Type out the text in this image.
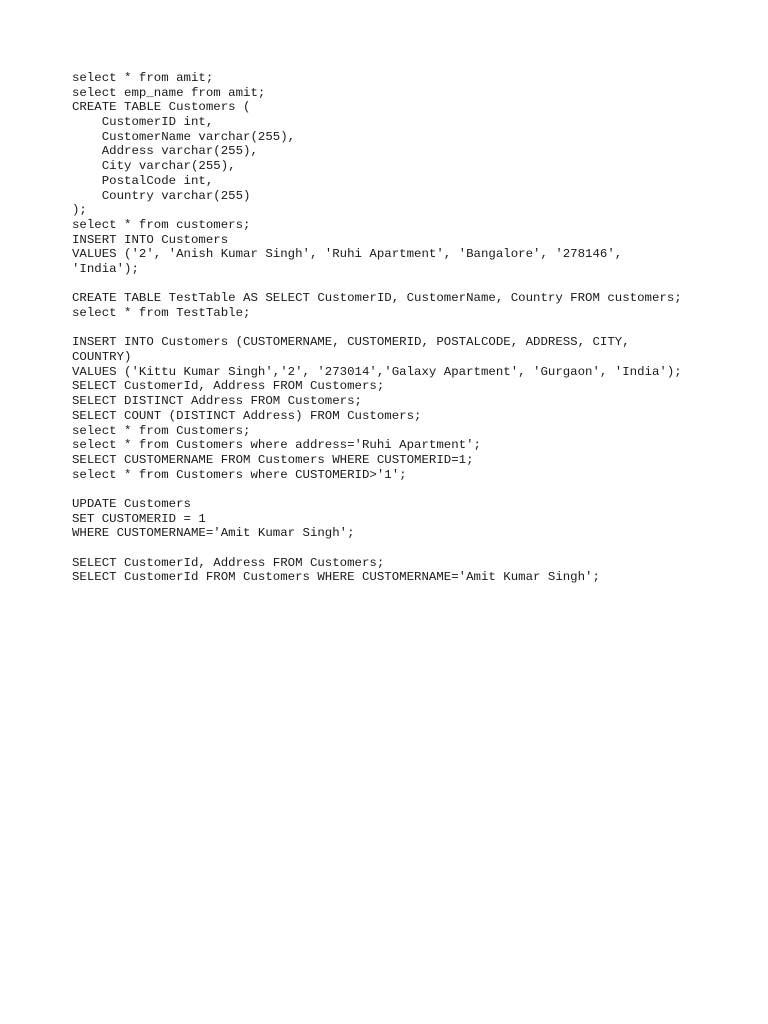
select * from amit;
select emp_name from amit;
CREATE TABLE Customers (
CustomerID int,
CustomerName varchar(255),
Address varchar(255),
City varchar(255),
PostalCode int,
Country varchar(255)
);
select * from customers;
INSERT INTO Customers
VALUES ('2', 'Anish Kumar Singh', 'Ruhi Apartment', 'Bangalore', '278146',
'India');
CREATE TABLE TestTable AS SELECT CustomerID, CustomerName, Country FROM customers;
select * from TestTable;
INSERT INTO Customers (CUSTOMERNAME, CUSTOMERID, POSTALCODE, ADDRESS, CITY,
COUNTRY)
VALUES ('Kittu Kumar Singh','2', '273014','Galaxy Apartment', 'Gurgaon', 'India');
SELECT CustomerId, Address FROM Customers;
SELECT DISTINCT Address FROM Customers;
SELECT COUNT (DISTINCT Address) FROM Customers;
select * from Customers;
select * from Customers where address='Ruhi Apartment';
SELECT CUSTOMERNAME FROM Customers WHERE CUSTOMERID=1;
select * from Customers where CUSTOMERID>'1';
UPDATE Customers
SET CUSTOMERID = 1
WHERE CUSTOMERNAME='Amit Kumar Singh';
SELECT CustomerId, Address FROM Customers;
SELECT CustomerId FROM Customers WHERE CUSTOMERNAME='Amit Kumar Singh';
